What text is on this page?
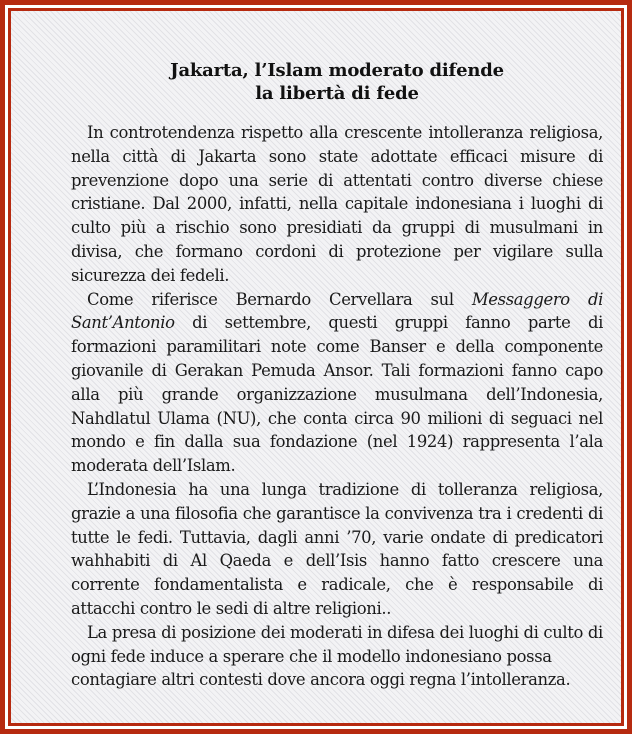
Jakarta, l’Islam moderato difende
la libertà di fede

In controtendenza rispetto alla crescente intolleranza religiosa, nella città di Jakarta sono state adottate efficaci misure di prevenzione dopo una serie di attentati contro diverse chiese cristiane. Dal 2000, infatti, nella capitale indonesiana i luoghi di culto più a rischio sono presidiati da gruppi di musulmani in divisa, che formano cordoni di protezione per vigilare sulla sicurezza dei fedeli.

Come riferisce Bernardo Cervellara sul Messaggero di Sant’Antonio di settembre, questi gruppi fanno parte di formazioni paramilitari note come Banser e della componente giovanile di Gerakan Pemuda Ansor. Tali formazioni fanno capo alla più grande organizzazione musulmana dell’Indonesia, Nahdlatul Ulama (NU), che conta circa 90 milioni di seguaci nel mondo e fin dalla sua fondazione (nel 1924) rappresenta l’ala moderata dell’Islam.

L’Indonesia ha una lunga tradizione di tolleranza religiosa, grazie a una filosofia che garantisce la convivenza tra i credenti di tutte le fedi. Tuttavia, dagli anni ’70, varie ondate di predicatori wahhabiti di Al Qaeda e dell’Isis hanno fatto crescere una corrente fondamentalista e radicale, che è responsabile di attacchi contro le sedi di altre religioni..

La presa di posizione dei moderati in difesa dei luoghi di culto di ogni fede induce a sperare che il modello indonesiano possa contagiare altri contesti dove ancora oggi regna l’intolleranza.
